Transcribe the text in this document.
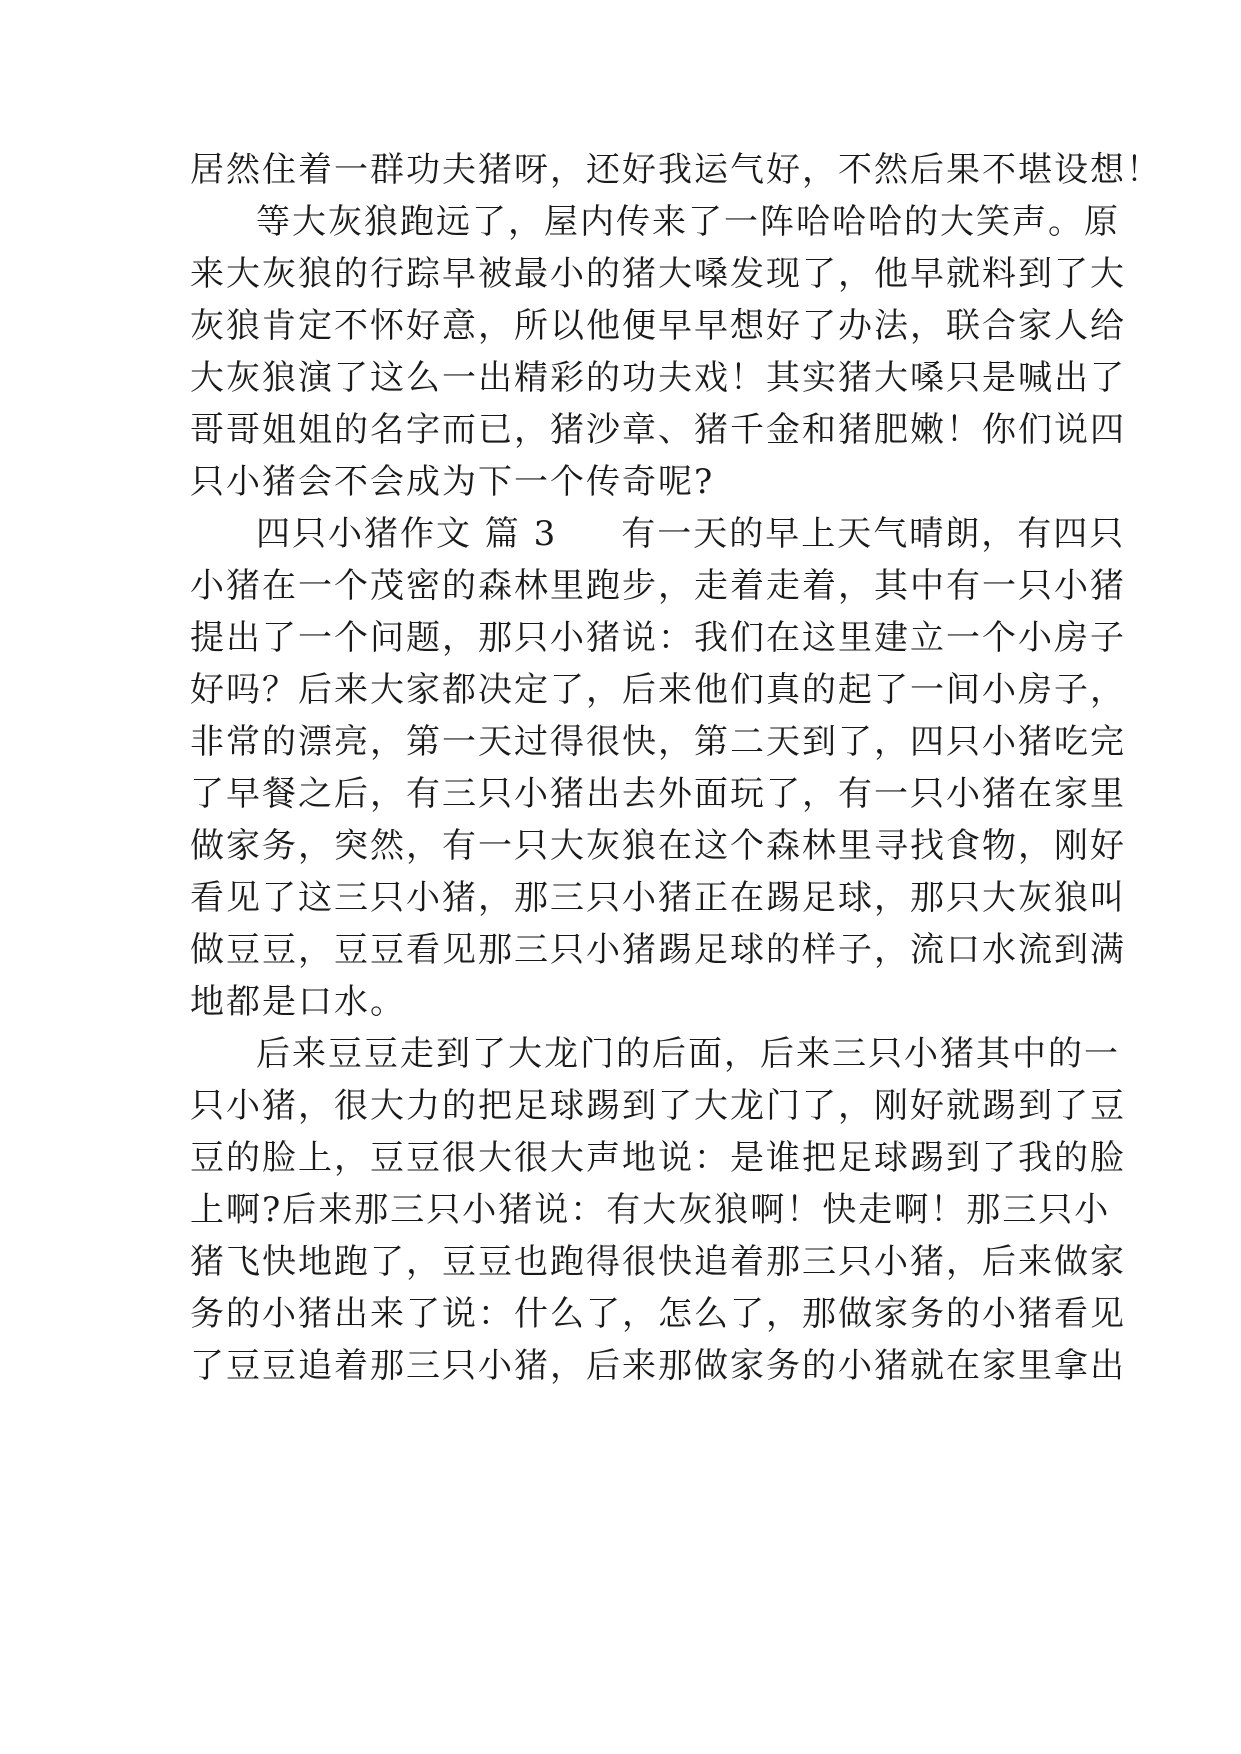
居然住着一群功夫猪呀，还好我运气好，不然后果不堪设想！
等大灰狼跑远了，屋内传来了一阵哈哈哈的大笑声。原
来大灰狼的行踪早被最小的猪大嗓发现了，他早就料到了大
灰狼肯定不怀好意，所以他便早早想好了办法，联合家人给
大灰狼演了这么一出精彩的功夫戏！其实猪大嗓只是喊出了
哥哥姐姐的名字而已，猪沙章、猪千金和猪肥嫩！你们说四
只小猪会不会成为下一个传奇呢?
四只小猪作文 篇 3 有一天的早上天气晴朗，有四只
小猪在一个茂密的森林里跑步，走着走着，其中有一只小猪
提出了一个问题，那只小猪说：我们在这里建立一个小房子
好吗？后来大家都决定了，后来他们真的起了一间小房子，
非常的漂亮，第一天过得很快，第二天到了，四只小猪吃完
了早餐之后，有三只小猪出去外面玩了，有一只小猪在家里
做家务，突然，有一只大灰狼在这个森林里寻找食物，刚好
看见了这三只小猪，那三只小猪正在踢足球，那只大灰狼叫
做豆豆，豆豆看见那三只小猪踢足球的样子，流口水流到满
地都是口水。
后来豆豆走到了大龙门的后面，后来三只小猪其中的一
只小猪，很大力的把足球踢到了大龙门了，刚好就踢到了豆
豆的脸上，豆豆很大很大声地说：是谁把足球踢到了我的脸
上啊?后来那三只小猪说：有大灰狼啊！快走啊！那三只小
猪飞快地跑了，豆豆也跑得很快追着那三只小猪，后来做家
务的小猪出来了说：什么了，怎么了，那做家务的小猪看见
了豆豆追着那三只小猪，后来那做家务的小猪就在家里拿出
